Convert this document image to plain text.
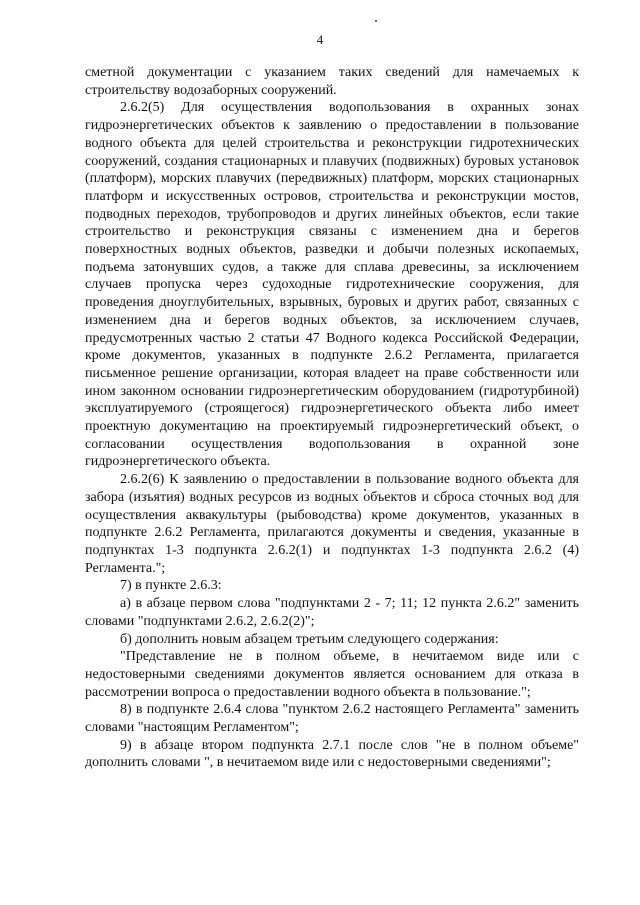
4

сметной документации с указанием таких сведений для намечаемых к строительству водозаборных сооружений.

2.6.2(5) Для осуществления водопользования в охранных зонах гидроэнергетических объектов к заявлению о предоставлении в пользование водного объекта для целей строительства и реконструкции гидротехнических сооружений, создания стационарных и плавучих (подвижных) буровых установок (платформ), морских плавучих (передвижных) платформ, морских стационарных платформ и искусственных островов, строительства и реконструкции мостов, подводных переходов, трубопроводов и других линейных объектов, если такие строительство и реконструкция связаны с изменением дна и берегов поверхностных водных объектов, разведки и добычи полезных ископаемых, подъема затонувших судов, а также для сплава древесины, за исключением случаев пропуска через судоходные гидротехнические сооружения, для проведения дноуглубительных, взрывных, буровых и других работ, связанных с изменением дна и берегов водных объектов, за исключением случаев, предусмотренных частью 2 статьи 47 Водного кодекса Российской Федерации, кроме документов, указанных в подпункте 2.6.2 Регламента, прилагается письменное решение организации, которая владеет на праве собственности или ином законном основании гидроэнергетическим оборудованием (гидротурбиной) эксплуатируемого (строящегося) гидроэнергетического объекта либо имеет проектную документацию на проектируемый гидроэнергетический объект, о согласовании осуществления водопользования в охранной зоне гидроэнергетического объекта.

2.6.2(6) К заявлению о предоставлении в пользование водного объекта для забора (изъятия) водных ресурсов из водных объектов и сброса сточных вод для осуществления аквакультуры (рыбоводства) кроме документов, указанных в подпункте 2.6.2 Регламента, прилагаются документы и сведения, указанные в подпунктах 1-3 подпункта 2.6.2(1) и подпунктах 1-3 подпункта 2.6.2 (4) Регламента.";

7) в пункте 2.6.3:

а) в абзаце первом слова "подпунктами 2 - 7; 11; 12 пункта 2.6.2" заменить словами "подпунктами 2.6.2, 2.6.2(2)";

б) дополнить новым абзацем третьим следующего содержания:

"Представление не в полном объеме, в нечитаемом виде или с недостоверными сведениями документов является основанием для отказа в рассмотрении вопроса о предоставлении водного объекта в пользование.";

8) в подпункте 2.6.4 слова "пунктом 2.6.2 настоящего Регламента" заменить словами "настоящим Регламентом";

9) в абзаце втором подпункта 2.7.1 после слов "не в полном объеме" дополнить словами ", в нечитаемом виде или с недостоверными сведениями";
